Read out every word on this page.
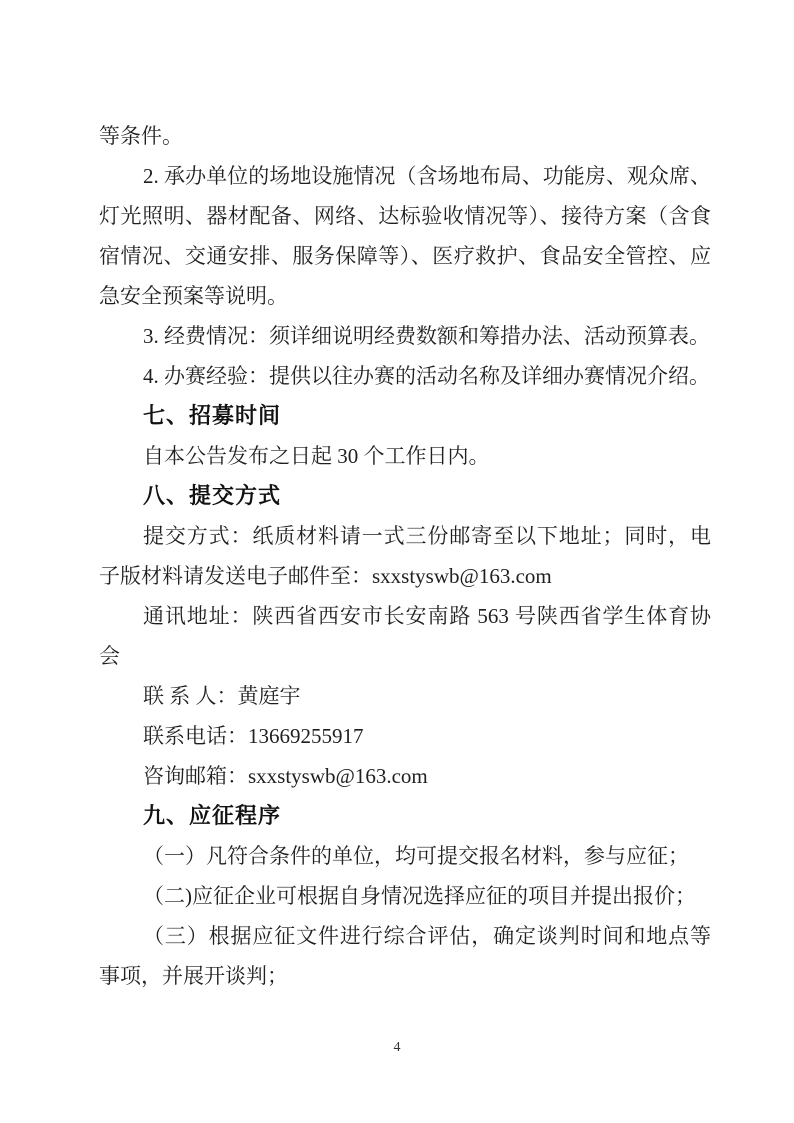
等条件。
2. 承办单位的场地设施情况（含场地布局、功能房、观众席、
灯光照明、器材配备、网络、达标验收情况等）、接待方案（含食
宿情况、交通安排、服务保障等）、医疗救护、食品安全管控、应
急安全预案等说明。
3. 经费情况：须详细说明经费数额和筹措办法、活动预算表。
4. 办赛经验：提供以往办赛的活动名称及详细办赛情况介绍。
七、招募时间
自本公告发布之日起 30 个工作日内。
八、提交方式
提交方式：纸质材料请一式三份邮寄至以下地址；同时，电
子版材料请发送电子邮件至：sxxstyswb@163.com
通讯地址：陕西省西安市长安南路 563 号陕西省学生体育协
会
联 系 人：黄庭宇
联系电话：13669255917
咨询邮箱：sxxstyswb@163.com
九、应征程序
（一）凡符合条件的单位，均可提交报名材料，参与应征；
（二)应征企业可根据自身情况选择应征的项目并提出报价；
（三）根据应征文件进行综合评估，确定谈判时间和地点等
事项，并展开谈判；
4
